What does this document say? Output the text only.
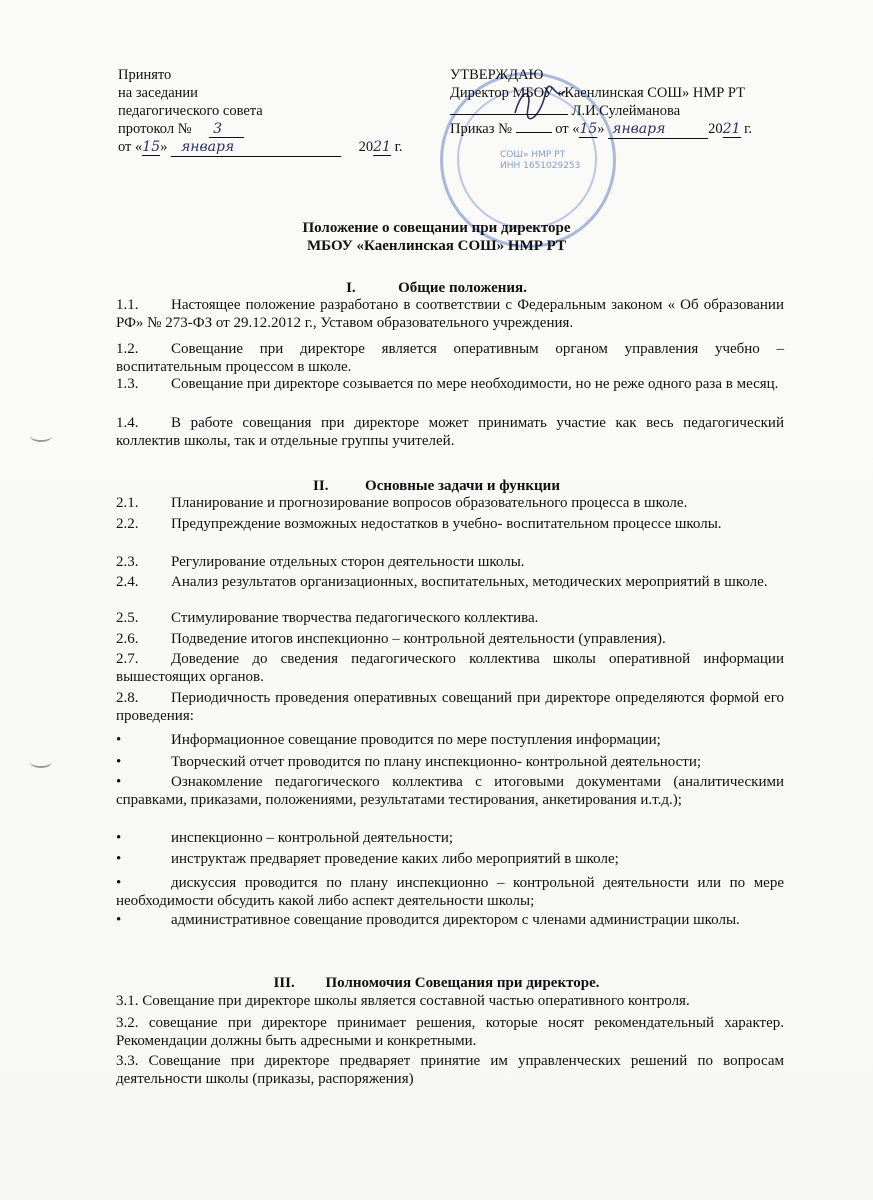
Принято
на заседании
педагогического совета
протокол № 3
от «15» января	2021 г.	СОШ» НМР РТ
ИНН 1651029253
УТВЕРЖДАЮ
Директор МБОУ «Каенлинская СОШ» НМР РТ
Л.И.Сулейманова
Приказ №	от «15» января	2021 г.
Положение о совещании при директоре
МБОУ «Каенлинская СОШ» НМР РТ
I.	Общие положения.
1.1. Настоящее положение разработано в соответствии с Федеральным законом « Об образовании РФ» № 273-ФЗ от 29.12.2012 г., Уставом образовательного учреждения.
1.2. Совещание при директоре является оперативным органом управления учебно – воспитательным процессом в школе.
1.3. Совещание при директоре созывается по мере необходимости, но не реже одного раза в месяц.
1.4. В работе совещания при директоре может принимать участие как весь педагогический коллектив школы, так и отдельные группы учителей.
II. Основные задачи и функции
2.1. Планирование и прогнозирование вопросов образовательного процесса в школе.
2.2. Предупреждение возможных недостатков в учебно- воспитательном процессе школы.
2.3. Регулирование отдельных сторон деятельности школы.
2.4. Анализ результатов организационных, воспитательных, методических мероприятий в школе.
2.5. Стимулирование творчества педагогического коллектива.
2.6. Подведение итогов инспекционно – контрольной деятельности (управления).
2.7. Доведение до сведения педагогического коллектива школы оперативной информации вышестоящих органов.
2.8. Периодичность проведения оперативных совещаний при директоре определяются формой его проведения:
•	Информационное совещание проводится по мере поступления информации;
•	Творческий отчет проводится по плану инспекционно- контрольной деятельности;
•	Ознакомление педагогического коллектива с итоговыми документами (аналитическими справками, приказами, положениями, результатами тестирования, анкетирования и.т.д.);
•	инспекционно – контрольной деятельности;
•	инструктаж предваряет проведение каких либо мероприятий в школе;
•	дискуссия проводится по плану инспекционно – контрольной деятельности или по мере необходимости обсудить какой либо аспект деятельности школы;
•	административное совещание проводится директором с членами администрации школы.
III. Полномочия Совещания при директоре.
3.1. Совещание при директоре школы является составной частью оперативного контроля.
3.2. совещание при директоре принимает решения, которые носят рекомендательный характер. Рекомендации должны быть адресными и конкретными.
3.3. Совещание при директоре предваряет принятие им управленческих решений по вопросам деятельности школы (приказы, распоряжения)
